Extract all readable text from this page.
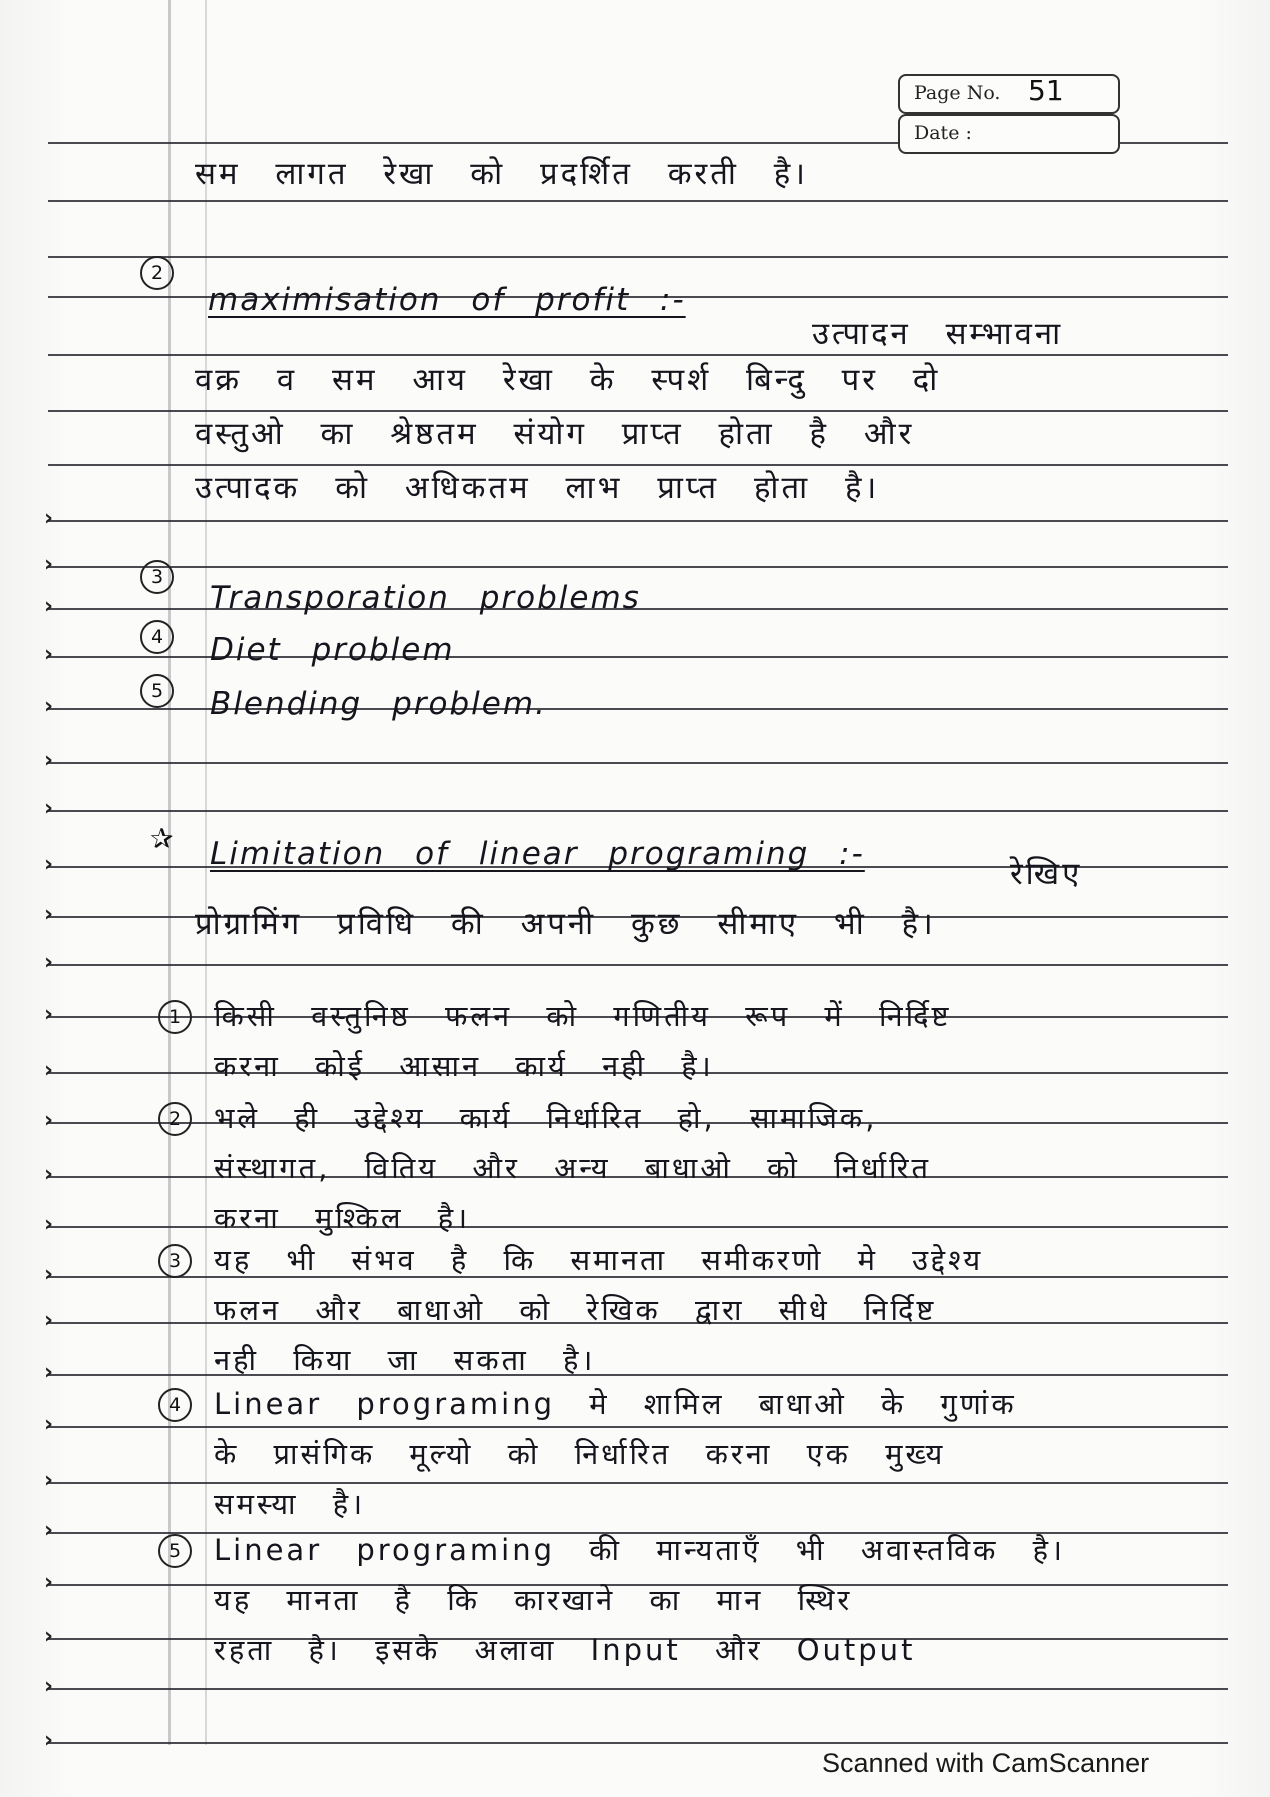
›
›
›
›
›
›
›
›
›
›
›
›
›
›
›
›
›
›
›
›
›
›
›
›
›
Page No. 51
Date :
सम लागत रेखा को प्रदर्शित करती है।
2
maximisation of profit :-
उत्पादन सम्भावना
वक्र व सम आय रेखा के स्पर्श बिन्दु पर दो
वस्तुओ का श्रेष्ठतम संयोग प्राप्त होता है और
उत्पादक को अधिकतम लाभ प्राप्त होता है।
3
Transporation problems
4	Diet problem
5	Blending problem.
✰ Limitation of linear programing :-
रेखिए
प्रोग्रामिंग प्रविधि की अपनी कुछ सीमाए भी है।
1	किसी वस्तुनिष्ठ फलन को गणितीय रूप में निर्दिष्ट
करना कोई आसान कार्य नही है।
2	भले ही उद्देश्य कार्य निर्धारित हो, सामाजिक,
संस्थागत, वितिय और अन्य बाधाओ को निर्धारित
करना मुश्किल है।
3	यह भी संभव है कि समानता समीकरणो मे उद्देश्य
फलन और बाधाओ को रेखिक द्वारा सीधे निर्दिष्ट
नही किया जा सकता है।
4	Linear programing मे शामिल बाधाओ के गुणांक
के प्रासंगिक मूल्यो को निर्धारित करना एक मुख्य
समस्या है।
5	Linear programing की मान्यताएँ भी अवास्तविक है।
यह मानता है कि कारखाने का मान स्थिर
रहता है। इसके अलावा Input और Output
Scanned with CamScanner
